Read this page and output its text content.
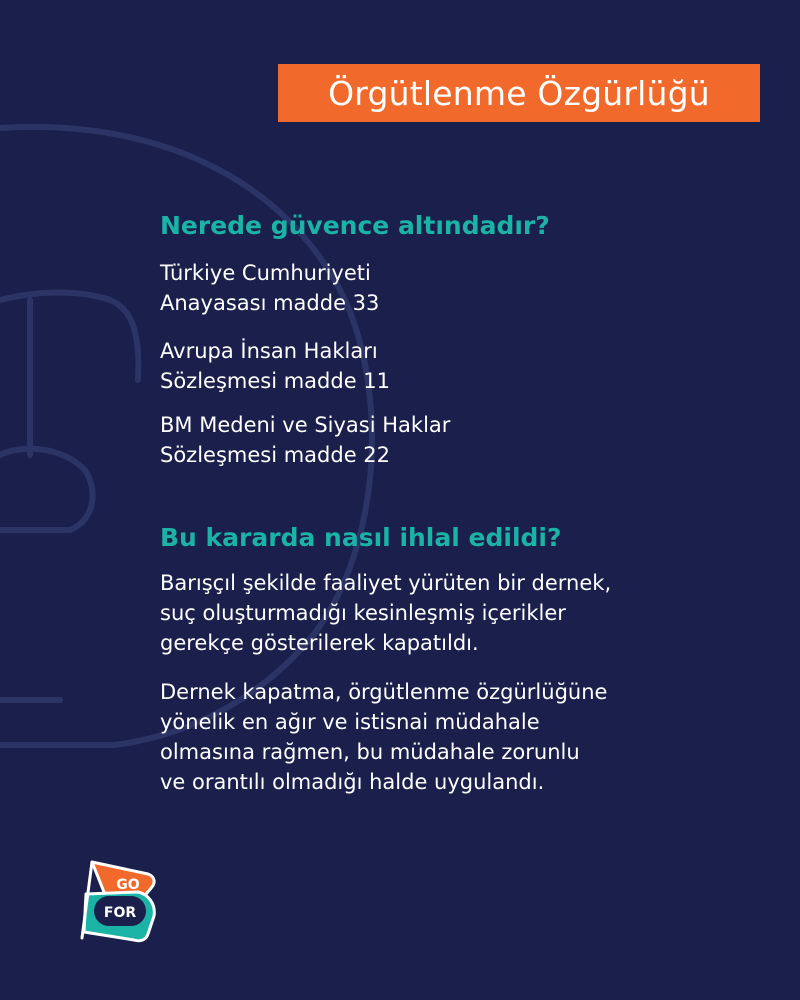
Örgütlenme Özgürlüğü

Nerede güvence altındadır?

Türkiye Cumhuriyeti
Anayasası madde 33

Avrupa İnsan Hakları
Sözleşmesi madde 11

BM Medeni ve Siyasi Haklar
Sözleşmesi madde 22

Bu kararda nasıl ihlal edildi?

Barışçıl şekilde faaliyet yürüten bir dernek,
suç oluşturmadığı kesinleşmiş içerikler
gerekçe gösterilerek kapatıldı.

Dernek kapatma, örgütlenme özgürlüğüne
yönelik en ağır ve istisnai müdahale
olmasına rağmen, bu müdahale zorunlu
ve orantılı olmadığı halde uygulandı.

GO
FOR
